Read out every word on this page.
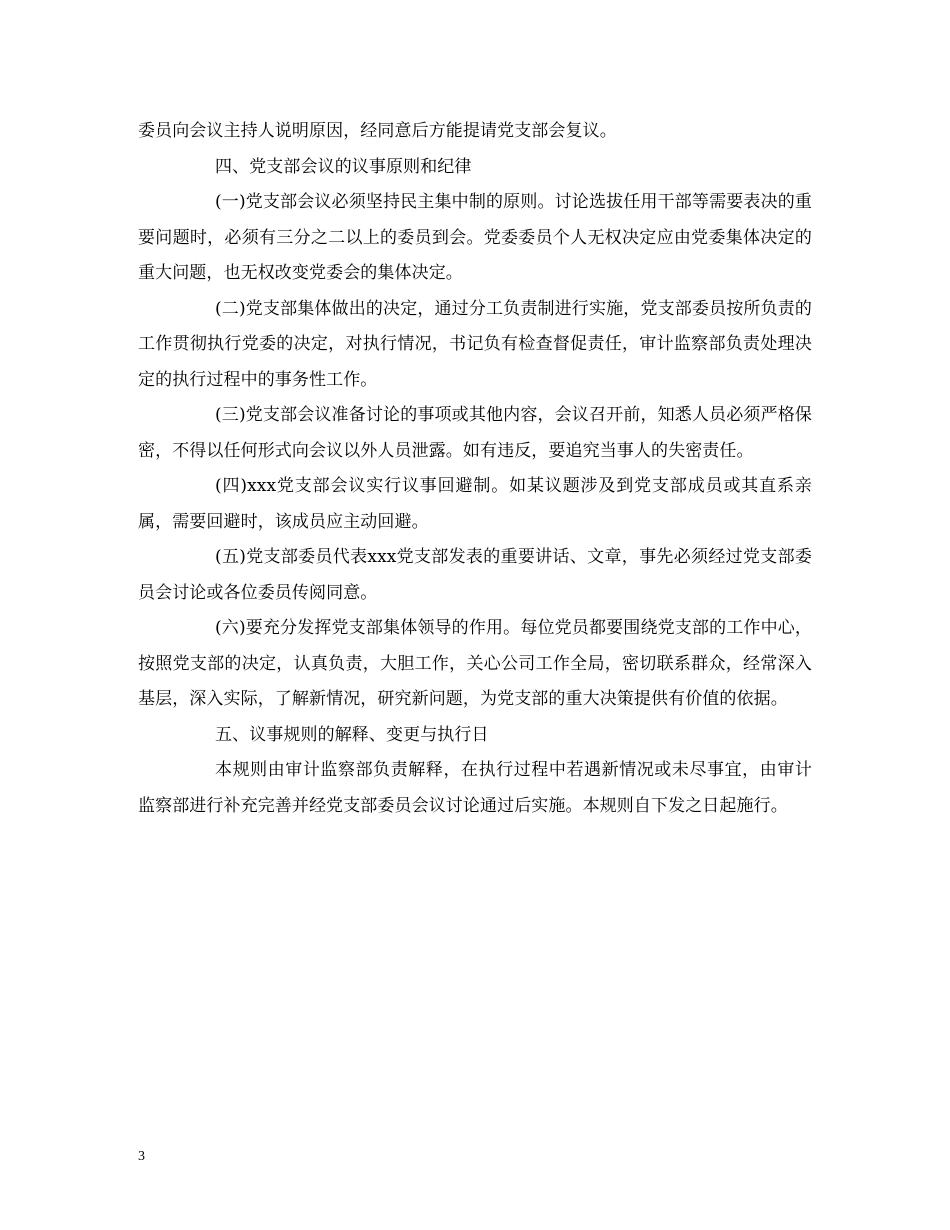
委员向会议主持人说明原因，经同意后方能提请党支部会复议。

四、党支部会议的议事原则和纪律

(一)党支部会议必须坚持民主集中制的原则。讨论选拔任用干部等需要表决的重要问题时，必须有三分之二以上的委员到会。党委委员个人无权决定应由党委集体决定的重大问题，也无权改变党委会的集体决定。

(二)党支部集体做出的决定，通过分工负责制进行实施，党支部委员按所负责的工作贯彻执行党委的决定，对执行情况，书记负有检查督促责任，审计监察部负责处理决定的执行过程中的事务性工作。

(三)党支部会议准备讨论的事项或其他内容，会议召开前，知悉人员必须严格保密，不得以任何形式向会议以外人员泄露。如有违反，要追究当事人的失密责任。

(四)xxx党支部会议实行议事回避制。如某议题涉及到党支部成员或其直系亲属，需要回避时，该成员应主动回避。

(五)党支部委员代表xxx党支部发表的重要讲话、文章，事先必须经过党支部委员会讨论或各位委员传阅同意。

(六)要充分发挥党支部集体领导的作用。每位党员都要围绕党支部的工作中心，按照党支部的决定，认真负责，大胆工作，关心公司工作全局，密切联系群众，经常深入基层，深入实际，了解新情况，研究新问题，为党支部的重大决策提供有价值的依据。

五、议事规则的解释、变更与执行日

本规则由审计监察部负责解释，在执行过程中若遇新情况或未尽事宜，由审计监察部进行补充完善并经党支部委员会议讨论通过后实施。本规则自下发之日起施行。

3
